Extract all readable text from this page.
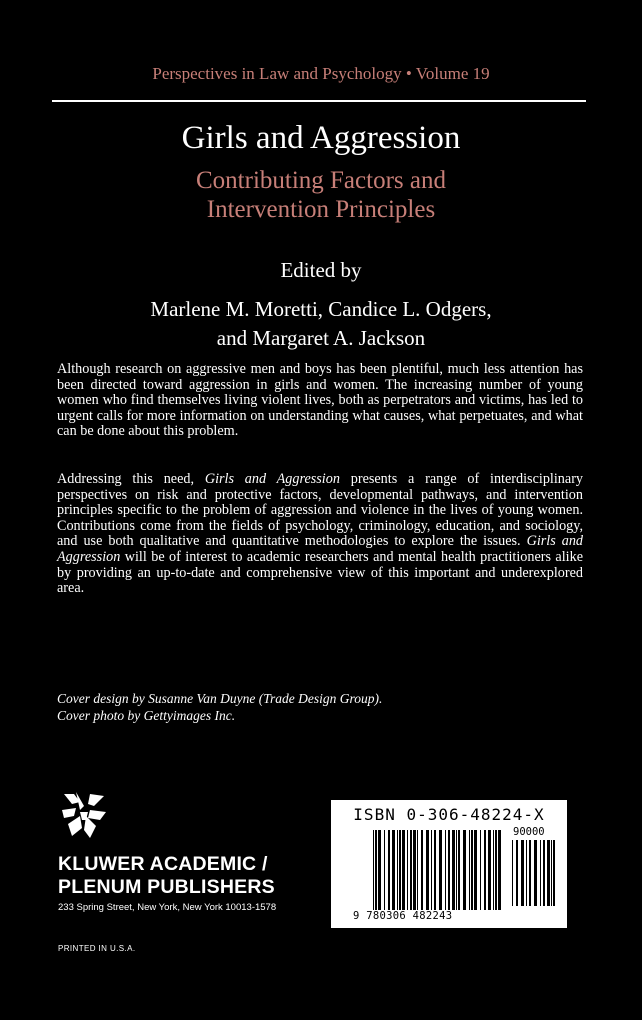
Perspectives in Law and Psychology • Volume 19
Girls and Aggression
Contributing Factors and
Intervention Principles
Edited by
Marlene M. Moretti, Candice L. Odgers,
and Margaret A. Jackson

Although research on aggressive men and boys has been plentiful, much less attention has been directed toward aggression in girls and women. The increasing number of young women who find themselves living violent lives, both as perpetrators and victims, has led to urgent calls for more information on understanding what causes, what perpetuates, and what can be done about this problem.

Addressing this need, Girls and Aggression presents a range of interdisciplinary perspectives on risk and protective factors, developmental pathways, and intervention principles specific to the problem of aggression and violence in the lives of young women. Contributions come from the fields of psychology, criminology, education, and sociology, and use both qualitative and quantitative methodologies to explore the issues. Girls and Aggression will be of interest to academic researchers and mental health practitioners alike by providing an up-to-date and comprehensive view of this important and underexplored area.

Cover design by Susanne Van Duyne (Trade Design Group).
Cover photo by Gettyimages Inc.
KLUWER ACADEMIC /
PLENUM PUBLISHERS
233 Spring Street, New York, New York 10013-1578
PRINTED IN U.S.A.
ISBN 0-306-48224-X
90000
9 780306 482243
